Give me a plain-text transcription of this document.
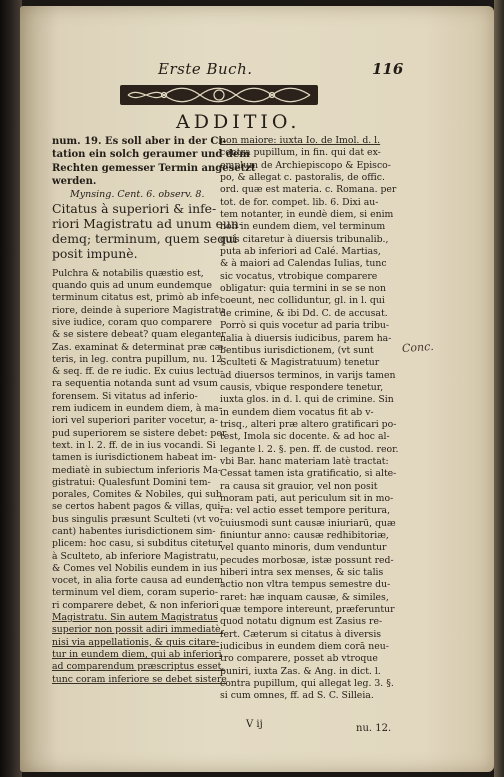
Erste Buch.	116
ADDITIO.
num. 19. Es soll aber in der Ci-
tation ein solch geraumer und dem
Rechten gemesser Termin angesetzt
werden.
Mynsing. Cent. 6. observ. 8.
Citatus à superiori & infe-
riori Magistratu ad unum eun-
demq; terminum, quem sequi
posit impunè.
Pulchra & notabilis quæstio est,
quando quis ad unum eundemque
terminum citatus est, primò ab infe-
riore, deinde à superiore Magistratu
sive iudice, coram quo comparere
& se sistere debeat? quam eleganter
Zas. examinat & determinat præ cæ-
teris, in leg. contra pupillum, nu. 12.
& seq. ff. de re iudic. Ex cuius lectu-
ra sequentia notanda sunt ad vsum
forensem. Si vitatus ad inferio-
rem iudicem in eundem diem, à ma-
iori vel superiori pariter vocetur, a-
pud superiorem se sistere debet: per
text. in l. 2. ff. de in ius vocandi. Si
tamen is iurisdictionem habeat im-
mediatè in subiectum inferioris Ma-
gistratui: Qualesfunt Domini tem-
porales, Comites & Nobiles, qui sub
se certos habent pagos & villas, qui-
bus singulis præsunt Sculteti (vt vo-
cant) habentes iurisdictionem sim-
plicem: hoc casu, si subditus citetur
à Sculteto, ab inferiore Magistratu,
& Comes vel Nobilis eundem in ius
vocet, in alia forte causa ad eundem
terminum vel diem, coram superio-
ri comparere debet, & non inferiori
Magistratu. Sin autem Magistratus
superior non possit adiri immediatè,
nisi via appellationis, & quis citare-
tur in eundem diem, qui ab inferiori
ad comparendum præscriptus esset,
tunc coram inferiore se debet sistere
non maiore: iuxta Io. de Imol. d. l.
contra pupillum, in fin. qui dat ex-
emplum de Archiepiscopo & Episco-
po, & allegat c. pastoralis, de offic.
ord. quæ est materia. c. Romana. per
tot. de for. compet. lib. 6. Dixi au-
tem notanter, in eundè diem, si enim
non in eundem diem, vel terminum
quis citaretur à diuersis tribunalib.,
puta ab inferiori ad Calé. Martias,
& à maiori ad Calendas Iulias, tunc
sic vocatus, vtrobique comparere
obligatur: quia termini in se se non
coeunt, nec colliduntur, gl. in l. qui
de crimine, & ibi Dd. C. de accusat.
Porrò si quis vocetur ad paria tribu-
nalia à diuersis iudicibus, parem ha-
bentibus iurisdictionem, (vt sunt
Sculteti & Magistratuum) tenetur
ad diuersos terminos, in varijs tamen
causis, vbique respondere tenetur,
iuxta glos. in d. l. qui de crimine. Sin
in eundem diem vocatus fit ab v-
trisq., alteri præ altero gratificari po-
test, Imola sic docente. & ad hoc al-
legante l. 2. §. pen. ff. de custod. reor.
vbi Bar. hanc materiam latè tractat:
Cessat tamen ista gratificatio, si alte-
ra causa sit grauior, vel non posit
moram pati, aut periculum sit in mo-
ra: vel actio esset tempore peritura,
cuiusmodi sunt causæ iniuriarū, quæ
finiuntur anno: causæ redhibitoriæ,
vel quanto minoris, dum venduntur
pecudes morbosæ, istæ possunt red-
hiberi intra sex menses, & sic talis
actio non vltra tempus semestre du-
raret: hæ inquam causæ, & similes,
quæ tempore intereunt, præferuntur
quod notatu dignum est Zasius re-
fert. Cæterum si citatus à diversis
iudicibus in eundem diem corā neu-
tro comparere, posset ab vtroque
puniri, iuxta Zas. & Ang. in dict. l.
contra pupillum, qui allegat leg. 3. §.
si cum omnes, ff. ad S. C. Silleia.
Conc.
V ij	nu. 12.
